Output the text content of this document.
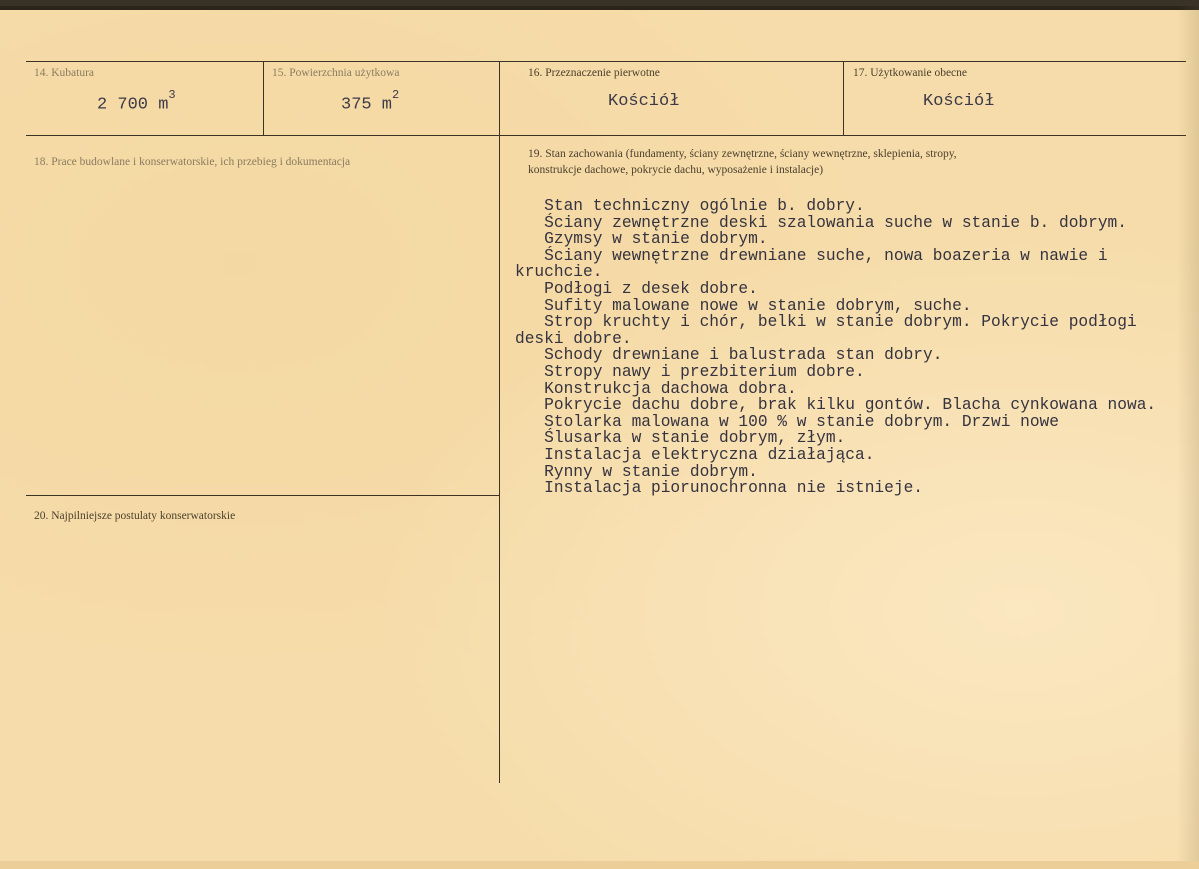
14. Kubatura
2 700 $m^3$
15. Powierzchnia użytkowa
375 $m^2$
16. Przeznaczenie pierwotne
Kościół
17. Użytkowanie obecne
Kościół
18. Prace budowlane i konserwatorskie, ich przebieg i dokumentacja
19. Stan zachowania (fundamenty, ściany zewnętrzne, ściany wewnętrzne, sklepienia, stropy,
konstrukcje dachowe, pokrycie dachu, wyposażenie i instalacje)
Stan techniczny ogólnie b. dobry.
Ściany zewnętrzne deski szalowania suche w stanie b. dobrym.
Gzymsy w stanie dobrym.
Ściany wewnętrzne drewniane suche, nowa boazeria w nawie i
kruchcie.
Podłogi z desek dobre.
Sufity malowane nowe w stanie dobrym, suche.
Strop kruchty i chór, belki w stanie dobrym. Pokrycie podłogi
deski dobre.
Schody drewniane i balustrada stan dobry.
Stropy nawy i prezbiterium dobre.
Konstrukcja dachowa dobra.
Pokrycie dachu dobre, brak kilku gontów. Blacha cynkowana nowa.
Stolarka malowana w 100 % w stanie dobrym. Drzwi nowe
Ślusarka w stanie dobrym, złym.
Instalacja elektryczna działająca.
Rynny w stanie dobrym.
Instalacja piorunochronna nie istnieje.
20. Najpilniejsze postulaty konserwatorskie
